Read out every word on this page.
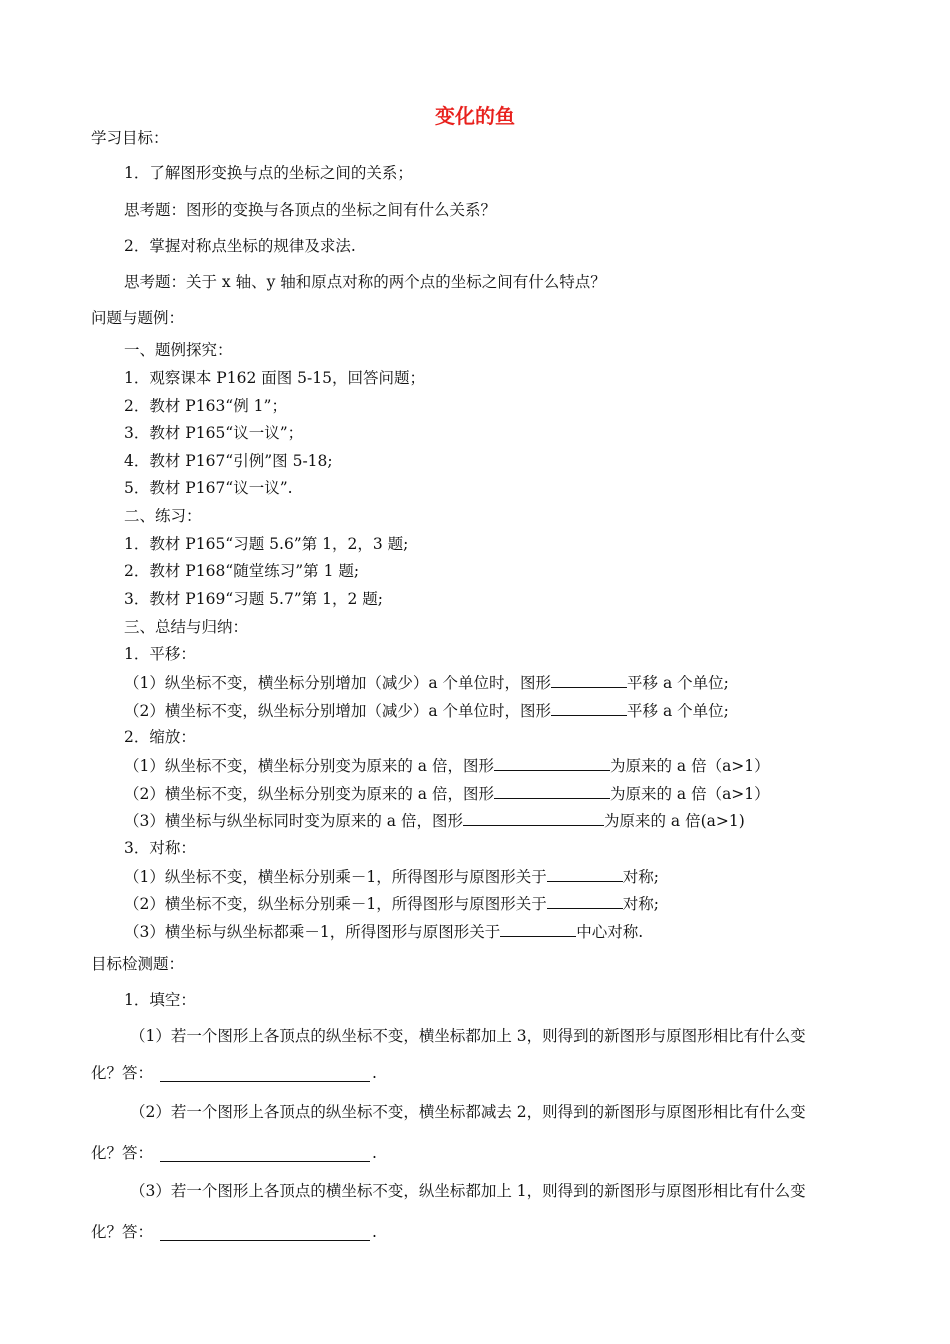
变化的鱼
学习目标：
1．了解图形变换与点的坐标之间的关系；
思考题：图形的变换与各顶点的坐标之间有什么关系？
2．掌握对称点坐标的规律及求法.
思考题：关于 x 轴、y 轴和原点对称的两个点的坐标之间有什么特点？
问题与题例：
一、题例探究：
1．观察课本 P162 面图 5-15，回答问题；
2．教材 P163“例 1”；
3．教材 P165“议一议”；
4．教材 P167“引例”图 5-18;
5．教材 P167“议一议”.
二、练习：
1．教材 P165“习题 5.6”第 1，2，3 题;
2．教材 P168“随堂练习”第 1 题;
3．教材 P169“习题 5.7”第 1，2 题;
三、总结与归纳：
1．平移：
（1）纵坐标不变，横坐标分别增加（减少）a 个单位时，图形	平移 a 个单位;
（2）横坐标不变，纵坐标分别增加（减少）a 个单位时，图形	平移 a 个单位;
2．缩放：
（1）纵坐标不变，横坐标分别变为原来的 a 倍，图形	为原来的 a 倍（a>1）
（2）横坐标不变，纵坐标分别变为原来的 a 倍，图形	为原来的 a 倍（a>1）
（3）横坐标与纵坐标同时变为原来的 a 倍，图形	为原来的 a 倍(a>1)
3．对称：
（1）纵坐标不变，横坐标分别乘－1，所得图形与原图形关于	对称;
（2）横坐标不变，纵坐标分别乘－1，所得图形与原图形关于	对称;
（3）横坐标与纵坐标都乘－1，所得图形与原图形关于	中心对称.
目标检测题：
1．填空：
（1）若一个图形上各顶点的纵坐标不变，横坐标都加上 3，则得到的新图形与原图形相比有什么变
化？答：	.
（2）若一个图形上各顶点的纵坐标不变，横坐标都减去 2，则得到的新图形与原图形相比有什么变
化？答：	.
（3）若一个图形上各顶点的横坐标不变，纵坐标都加上 1，则得到的新图形与原图形相比有什么变
化？答：	.
